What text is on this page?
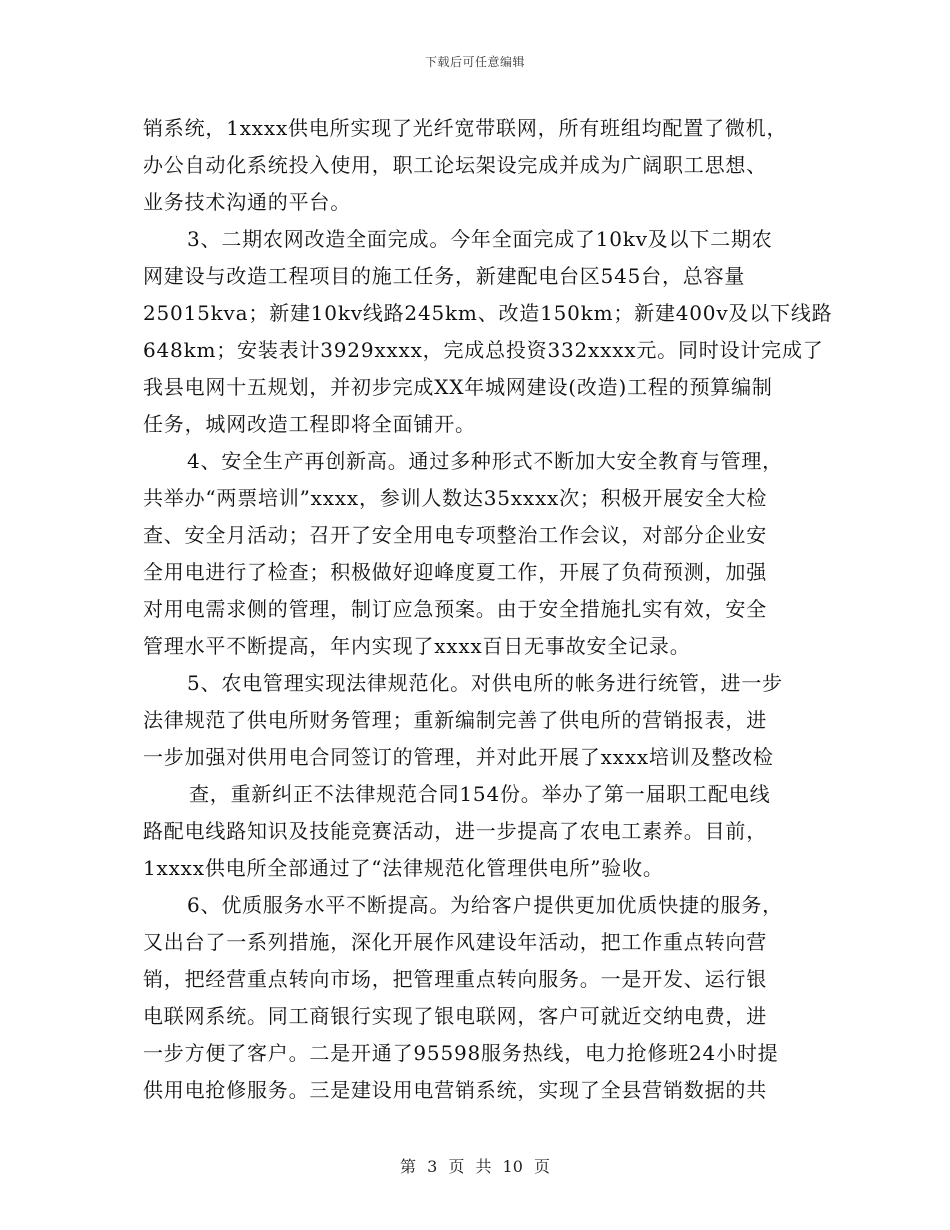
下载后可任意编辑
销系统，1xxxx供电所实现了光纤宽带联网，所有班组均配置了微机，
办公自动化系统投入使用，职工论坛架设完成并成为广阔职工思想、
业务技术沟通的平台。
3、二期农网改造全面完成。今年全面完成了10kv及以下二期农
网建设与改造工程项目的施工任务，新建配电台区545台，总容量
25015kva；新建10kv线路245km、改造150km；新建400v及以下线路
648km；安装表计3929xxxx，完成总投资332xxxx元。同时设计完成了
我县电网十五规划，并初步完成XX年城网建设(改造)工程的预算编制
任务，城网改造工程即将全面铺开。
4、安全生产再创新高。通过多种形式不断加大安全教育与管理，
共举办“两票培训”xxxx，参训人数达35xxxx次；积极开展安全大检
查、安全月活动；召开了安全用电专项整治工作会议，对部分企业安
全用电进行了检查；积极做好迎峰度夏工作，开展了负荷预测，加强
对用电需求侧的管理，制订应急预案。由于安全措施扎实有效，安全
管理水平不断提高，年内实现了xxxx百日无事故安全记录。
5、农电管理实现法律规范化。对供电所的帐务进行统管，进一步
法律规范了供电所财务管理；重新编制完善了供电所的营销报表，进
一步加强对供用电合同签订的管理，并对此开展了xxxx培训及整改检
查，重新纠正不法律规范合同154份。举办了第一届职工配电线
路配电线路知识及技能竞赛活动，进一步提高了农电工素养。目前，
1xxxx供电所全部通过了“法律规范化管理供电所”验收。
6、优质服务水平不断提高。为给客户提供更加优质快捷的服务，
又出台了一系列措施，深化开展作风建设年活动，把工作重点转向营
销，把经营重点转向市场，把管理重点转向服务。一是开发、运行银
电联网系统。同工商银行实现了银电联网，客户可就近交纳电费，进
一步方便了客户。二是开通了95598服务热线，电力抢修班24小时提
供用电抢修服务。三是建设用电营销系统，实现了全县营销数据的共
第 3 页 共 10 页
